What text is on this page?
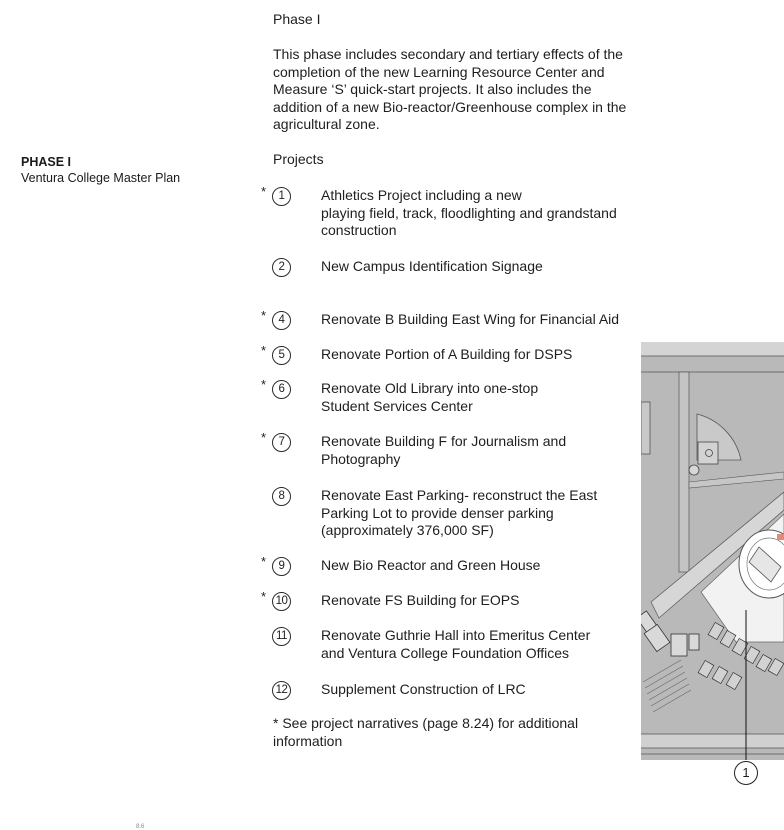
PHASE I
Ventura College Master Plan
Phase I
This phase includes secondary and tertiary effects of the completion of the new Learning Resource Center and Measure ‘S’ quick-start projects. It also includes the addition of a new Bio-reactor/Greenhouse complex in the agricultural zone.
Projects
*	1	Athletics Project including a new
playing field, track, floodlighting and grandstand
construction
2	New Campus Identification Signage
*	4	Renovate B Building East Wing for Financial Aid
*	5	Renovate Portion of A Building for DSPS
*	6	Renovate Old Library into one-stop
Student Services Center
*	7	Renovate Building F for Journalism and
Photography
8	Renovate East Parking- reconstruct the East
Parking Lot to provide denser parking
(approximately 376,000 SF)
*	9	New Bio Reactor and Green House
* 10 Renovate FS Building for EOPS
11 Renovate Guthrie Hall into Emeritus Center
and Ventura College Foundation Offices
12 Supplement Construction of LRC
* See project narratives (page 8.24) for additional information
1
8.6
